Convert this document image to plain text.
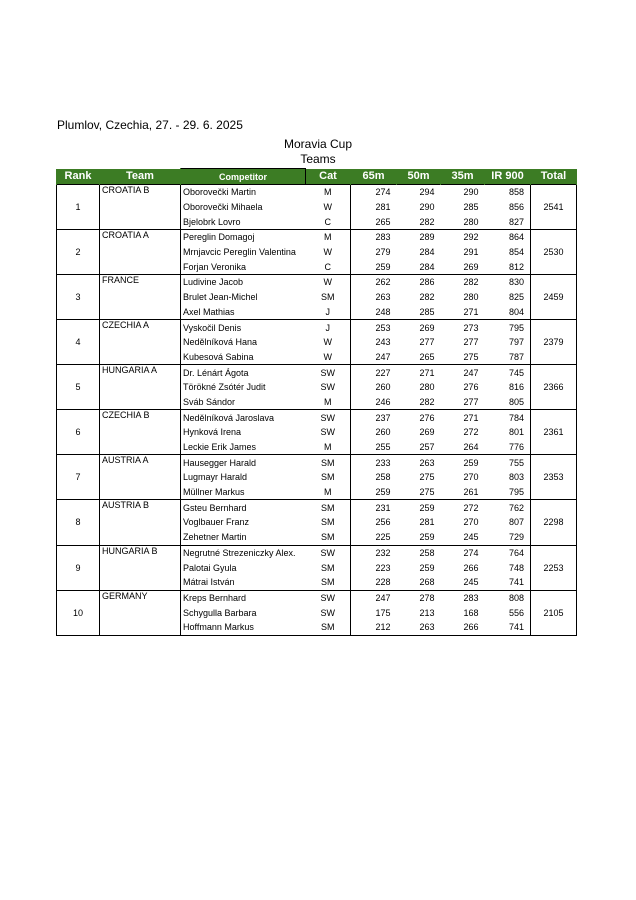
Plumlov, Czechia, 27. - 29. 6. 2025
Moravia Cup
Teams
Rank	Team	Competitor	Cat	65m	50m	35m	IR 900	Total
1	CROATIA B	Oborovečki Martin	M	274	294	290	858	2541
		Oborovečki Mihaela	W	281	290	285	856	
		Bjelobrk Lovro	C	265	282	280	827	
2	CROATIA A	Pereglin Domagoj	M	283	289	292	864	2530
		Mrnjavcic Pereglin Valentina	W	279	284	291	854	
		Forjan Veronika	C	259	284	269	812	
3	FRANCE	Ludivine Jacob	W	262	286	282	830	2459
		Brulet Jean-Michel	SM	263	282	280	825	
		Axel Mathias	J	248	285	271	804	
4	CZECHIA A	Vyskočil Denis	J	253	269	273	795	2379
		Nedělníková Hana	W	243	277	277	797	
		Kubesová Sabina	W	247	265	275	787	
5	HUNGARIA A	Dr. Lénárt Ágota	SW	227	271	247	745	2366
		Törökné Zsótér Judit	SW	260	280	276	816	
		Sváb Sándor	M	246	282	277	805	
6	CZECHIA B	Nedělníková Jaroslava	SW	237	276	271	784	2361
		Hynková Irena	SW	260	269	272	801	
		Leckie Erik James	M	255	257	264	776	
7	AUSTRIA A	Hausegger Harald	SM	233	263	259	755	2353
		Lugmayr Harald	SM	258	275	270	803	
		Müllner Markus	M	259	275	261	795	
8	AUSTRIA B	Gsteu Bernhard	SM	231	259	272	762	2298
		Voglbauer Franz	SM	256	281	270	807	
		Zehetner Martin	SM	225	259	245	729	
9	HUNGARIA B	Negrutné Strezeniczky Alex.	SW	232	258	274	764	2253
		Palotai Gyula	SM	223	259	266	748	
		Mátrai István	SM	228	268	245	741	
10	GERMANY	Kreps Bernhard	SW	247	278	283	808	2105
		Schygulla Barbara	SW	175	213	168	556	
		Hoffmann Markus	SM	212	263	266	741	
